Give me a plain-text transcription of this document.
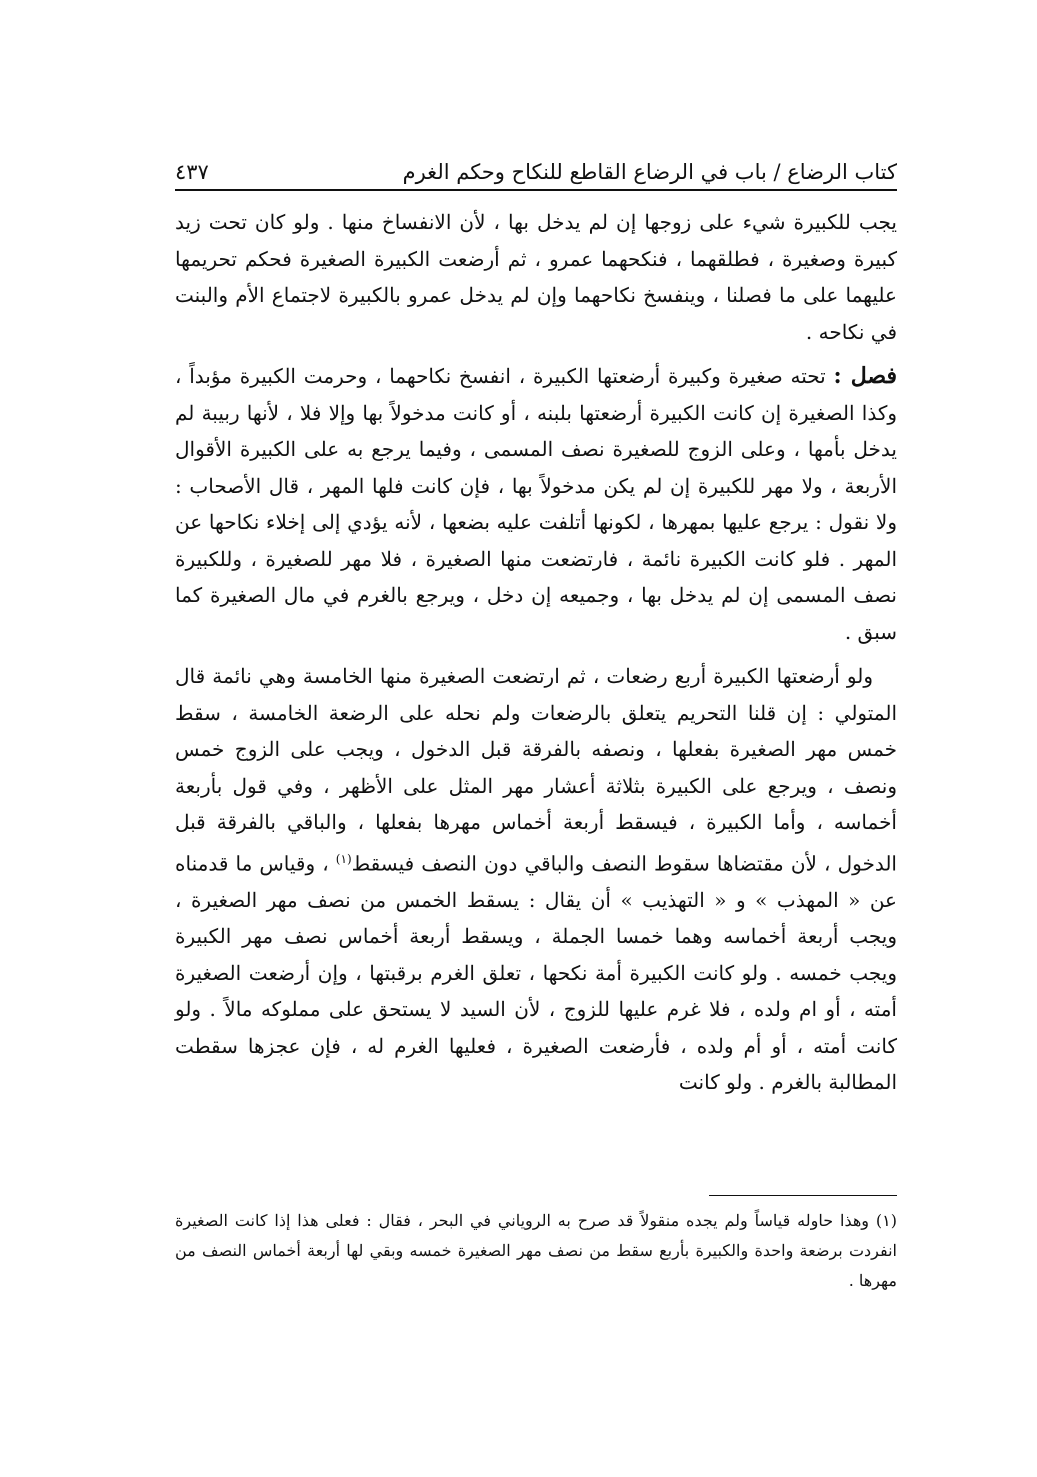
كتاب الرضاع / باب في الرضاع القاطع للنكاح وحكم الغرم
٤٣٧

يجب للكبيرة شيء على زوجها إن لم يدخل بها ، لأن الانفساخ منها . ولو كان تحت زيد كبيرة وصغيرة ، فطلقهما ، فنكحهما عمرو ، ثم أرضعت الكبيرة الصغيرة فحكم تحريمها عليهما على ما فصلنا ، وينفسخ نكاحهما وإن لم يدخل عمرو بالكبيرة لاجتماع الأم والبنت في نكاحه .

فصل : تحته صغيرة وكبيرة أرضعتها الكبيرة ، انفسخ نكاحهما ، وحرمت الكبيرة مؤبداً ، وكذا الصغيرة إن كانت الكبيرة أرضعتها بلبنه ، أو كانت مدخولاً بها وإلا فلا ، لأنها ربيبة لم يدخل بأمها ، وعلى الزوج للصغيرة نصف المسمى ، وفيما يرجع به على الكبيرة الأقوال الأربعة ، ولا مهر للكبيرة إن لم يكن مدخولاً بها ، فإن كانت فلها المهر ، قال الأصحاب : ولا نقول : يرجع عليها بمهرها ، لكونها أتلفت عليه بضعها ، لأنه يؤدي إلى إخلاء نكاحها عن المهر . فلو كانت الكبيرة نائمة ، فارتضعت منها الصغيرة ، فلا مهر للصغيرة ، وللكبيرة نصف المسمى إن لم يدخل بها ، وجميعه إن دخل ، ويرجع بالغرم في مال الصغيرة كما سبق .

ولو أرضعتها الكبيرة أربع رضعات ، ثم ارتضعت الصغيرة منها الخامسة وهي نائمة قال المتولي : إن قلنا التحريم يتعلق بالرضعات ولم نحله على الرضعة الخامسة ، سقط خمس مهر الصغيرة بفعلها ، ونصفه بالفرقة قبل الدخول ، ويجب على الزوج خمس ونصف ، ويرجع على الكبيرة بثلاثة أعشار مهر المثل على الأظهر ، وفي قول بأربعة أخماسه ، وأما الكبيرة ، فيسقط أربعة أخماس مهرها بفعلها ، والباقي بالفرقة قبل الدخول ، لأن مقتضاها سقوط النصف والباقي دون النصف فيسقط$^{(١)}$ ، وقياس ما قدمناه عن « المهذب » و « التهذيب » أن يقال : يسقط الخمس من نصف مهر الصغيرة ، ويجب أربعة أخماسه وهما خمسا الجملة ، ويسقط أربعة أخماس نصف مهر الكبيرة ويجب خمسه . ولو كانت الكبيرة أمة نكحها ، تعلق الغرم برقبتها ، وإن أرضعت الصغيرة أمته ، أو ام ولده ، فلا غرم عليها للزوج ، لأن السيد لا يستحق على مملوكه مالاً . ولو كانت أمته ، أو أم ولده ، فأرضعت الصغيرة ، فعليها الغرم له ، فإن عجزها سقطت المطالبة بالغرم . ولو كانت

(١) وهذا حاوله قياساً ولم يجده منقولاً قد صرح به الروياني في البحر ، فقال : فعلى هذا إذا كانت الصغيرة انفردت برضعة واحدة والكبيرة بأربع سقط من نصف مهر الصغيرة خمسه وبقي لها أربعة أخماس النصف من مهرها .
